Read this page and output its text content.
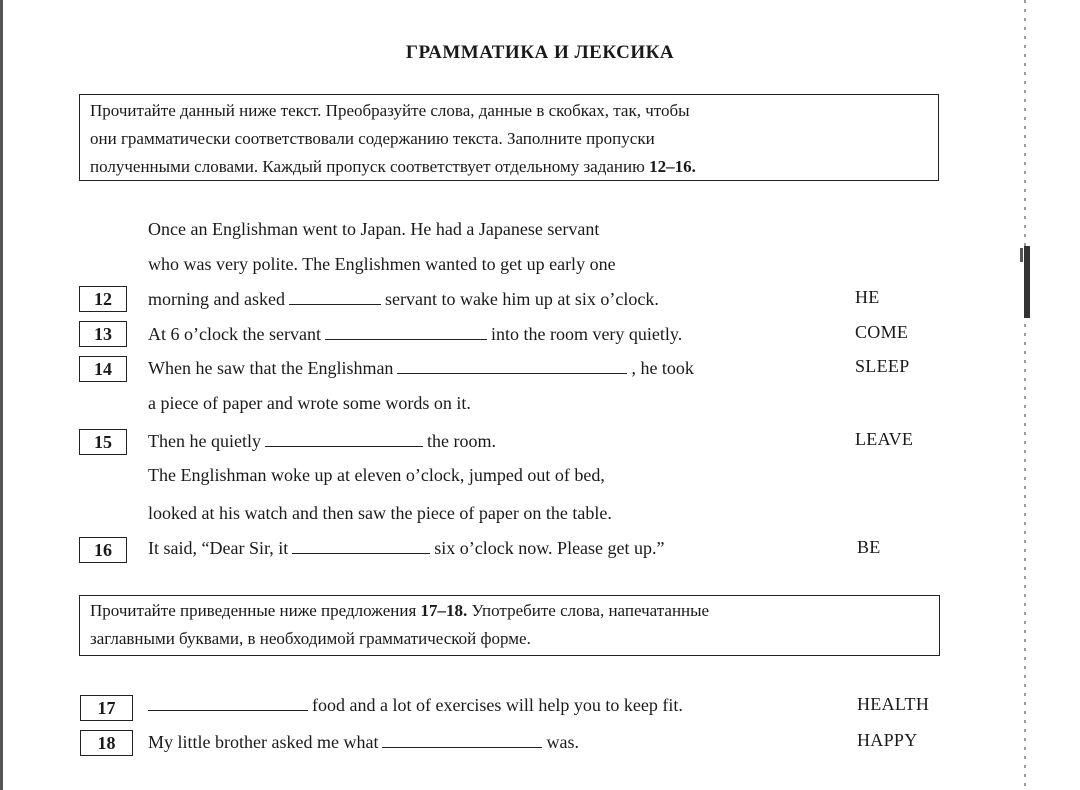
ГРАММАТИКА И ЛЕКСИКА
Прочитайте данный ниже текст. Преобразуйте слова, данные в скобках, так, чтобы
они грамматически соответствовали содержанию текста. Заполните пропуски
полученными словами. Каждый пропуск соответствует отдельному заданию 12–16.
Once an Englishman went to Japan. He had a Japanese servant
who was very polite. The Englishmen wanted to get up early one
12	morning and asked	servant to wake him up at six o’clock.	HE
13	At 6 o’clock the servant	into the room very quietly.	COME
14	When he saw that the Englishman	, he took	SLEEP
a piece of paper and wrote some words on it.
15	Then he quietly	the room.	LEAVE
The Englishman woke up at eleven o’clock, jumped out of bed,
looked at his watch and then saw the piece of paper on the table.
16	It said, “Dear Sir, it	six o’clock now. Please get up.”	BE
Прочитайте приведенные ниже предложения 17–18. Употребите слова, напечатанные
заглавными буквами, в необходимой грамматической форме.
17	food and a lot of exercises will help you to keep fit.	HEALTH
18	My little brother asked me what	was.	HAPPY
